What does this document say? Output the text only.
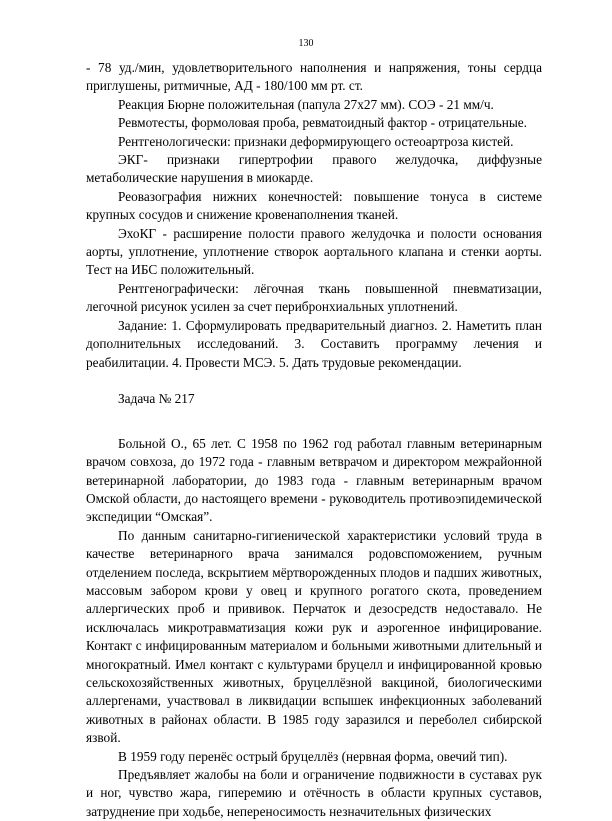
130

- 78 уд./мин, удовлетворительного наполнения и напряжения, тоны сердца приглушены, ритмичные, АД - 180/100 мм рт. ст.

Реакция Бюрне положительная (папула 27х27 мм). СОЭ - 21 мм/ч.

Ревмотесты, формоловая проба, ревматоидный фактор - отрицательные.

Рентгенологически: признаки деформирующего остеоартроза кистей.

ЭКГ- признаки гипертрофии правого желудочка, диффузные метаболические нарушения в миокарде.

Реовазография нижних конечностей: повышение тонуса в системе крупных сосудов и снижение кровенаполнения тканей.

ЭхоКГ - расширение полости правого желудочка и полости основания аорты, уплотнение, уплотнение створок аортального клапана и стенки аорты. Тест на ИБС положительный.

Рентгенографически: лёгочная ткань повышенной пневматизации, легочной рисунок усилен за счет перибронхиальных уплотнений.

Задание: 1. Сформулировать предварительный диагноз. 2. Наметить план дополнительных исследований. 3. Составить программу лечения и реабилитации. 4. Провести МСЭ. 5. Дать трудовые рекомендации.

Задача № 217

Больной О., 65 лет. С 1958 по 1962 год работал главным ветеринарным врачом совхоза, до 1972 года - главным ветврачом и директором межрайонной ветеринарной лаборатории, до 1983 года - главным ветеринарным врачом Омской области, до настоящего времени - руководитель противоэпидемической экспедиции “Омская”.

По данным санитарно-гигиенической характеристики условий труда в качестве ветеринарного врача занимался родовспоможением, ручным отделением последа, вскрытием мёртворожденных плодов и падших животных, массовым забором крови у овец и крупного рогатого скота, проведением аллергических проб и прививок. Перчаток и дезосредств недоставало. Не исключалась микротравматизация кожи рук и аэрогенное инфицирование. Контакт с инфицированным материалом и больными животными длительный и многократный. Имел контакт с культурами бруцелл и инфицированной кровью сельскохозяйственных животных, бруцеллёзной вакциной, биологическими аллергенами, участвовал в ликвидации вспышек инфекционных заболеваний животных в районах области. В 1985 году заразился и переболел сибирской язвой.

В 1959 году перенёс острый бруцеллёз (нервная форма, овечий тип).

Предъявляет жалобы на боли и ограничение подвижности в суставах рук и ног, чувство жара, гиперемию и отёчность в области крупных суставов, затруднение при ходьбе, непереносимость незначительных физических
